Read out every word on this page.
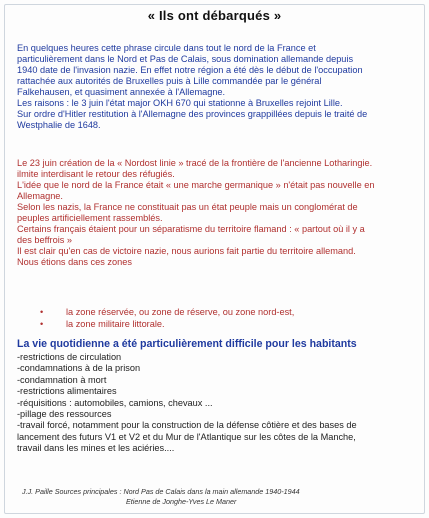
« Ils ont débarqués »
En quelques heures cette phrase circule dans tout le nord de la France et
particulièrement dans le Nord et Pas de Calais, sous domination allemande depuis
1940 date de l'invasion nazie. En effet notre région a été dès le début de l'occupation
rattachée aux autorités de Bruxelles puis à Lille commandée par le général
Falkehausen, et quasiment annexée à l'Allemagne.
Les raisons : le 3 juin l'état major OKH 670 qui stationne à Bruxelles rejoint Lille.
Sur ordre d'Hitler restitution à l'Allemagne des provinces grappillées depuis le traité de
Westphalie de 1648.
Le 23 juin création de la « Nordost linie » tracé de la frontière de l'ancienne Lotharingie.
ilmite interdisant le retour des réfugiés.
L'idée que le nord de la France était « une marche germanique » n'était pas nouvelle en
Allemagne.
Selon les nazis, la France ne constituait pas un état peuple mais un conglomérat de
peuples artificiellement rassemblés.
Certains français étaient pour un séparatisme du territoire flamand : « partout où il y a
des beffrois »
Il est clair qu'en cas de victoire nazie, nous aurions fait partie du territoire allemand.
Nous étions dans ces zones
• la zone réservée, ou zone de réserve, ou zone nord-est,
• la zone militaire littorale.
La vie quotidienne a été particulièrement difficile pour les habitants
-restrictions de circulation
-condamnations à de la prison
-condamnation à mort
-restrictions alimentaires
-réquisitions : automobiles, camions, chevaux ...
-pillage des ressources
-travail forcé, notamment pour la construction de la défense côtière et des bases de
lancement des futurs V1 et V2 et du Mur de l'Atlantique sur les côtes de la Manche,
travail dans les mines et les aciéries....
J.J. Paille Sources principales : Nord Pas de Calais dans la main allemande 1940-1944
Etienne de Jonghe-Yves Le Maner
